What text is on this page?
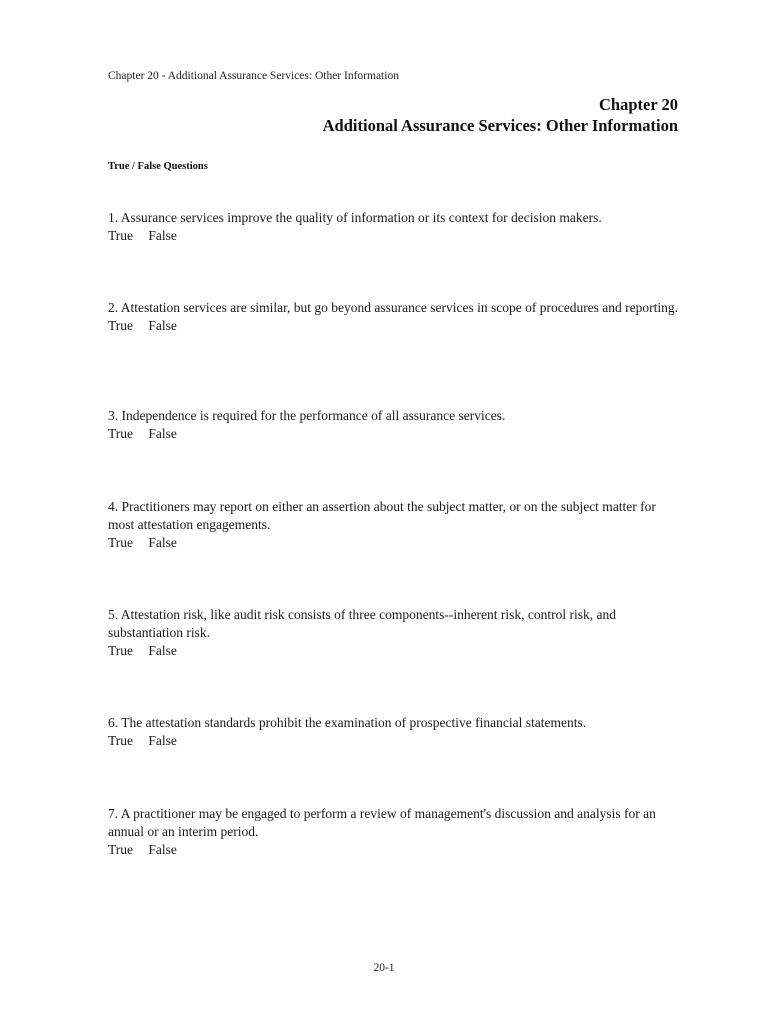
Chapter 20 - Additional Assurance Services: Other Information
Chapter 20
Additional Assurance Services: Other Information
True / False Questions
1. Assurance services improve the quality of information or its context for decision makers.
True False
2. Attestation services are similar, but go beyond assurance services in scope of procedures and reporting.
True False
3. Independence is required for the performance of all assurance services.
True False
4. Practitioners may report on either an assertion about the subject matter, or on the subject matter for most attestation engagements.
True False
5. Attestation risk, like audit risk consists of three components--inherent risk, control risk, and substantiation risk.
True False
6. The attestation standards prohibit the examination of prospective financial statements.
True False
7. A practitioner may be engaged to perform a review of management's discussion and analysis for an annual or an interim period.
True False
20-1
